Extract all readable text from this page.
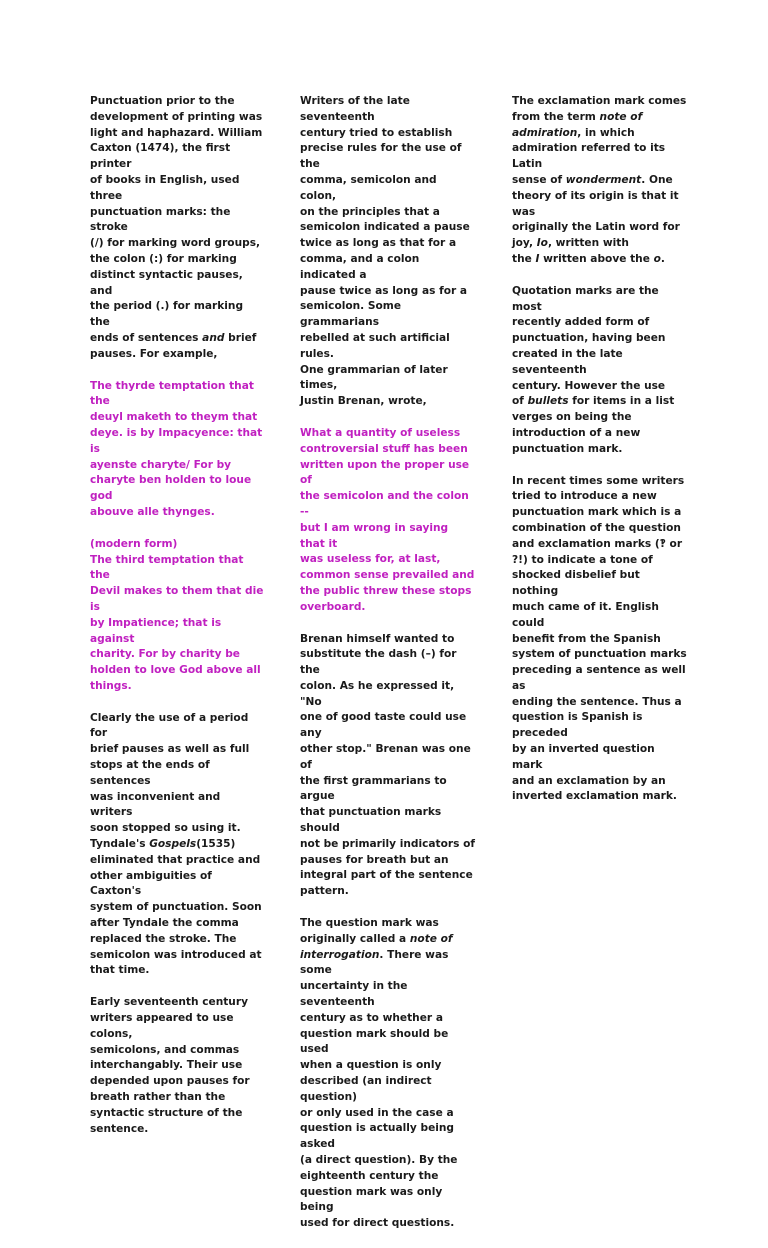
Punctuation prior to the
development of printing was
light and haphazard. William
Caxton (1474), the first printer
of books in English, used three
punctuation marks: the stroke
(/) for marking word groups,
the colon (:) for marking
distinct syntactic pauses, and
the period (.) for marking the
ends of sentences and brief
pauses. For example,

The thyrde temptation that the
deuyl maketh to theym that
deye. is by Impacyence: that is
ayenste charyte/ For by
charyte ben holden to loue god
abouve alle thynges.

(modern form)

The third temptation that the
Devil makes to them that die is
by Impatience; that is against
charity. For by charity be
holden to love God above all
things.

Clearly the use of a period for
brief pauses as well as full
stops at the ends of sentences
was inconvenient and writers
soon stopped so using it.
Tyndale's Gospels(1535)
eliminated that practice and
other ambiguities of Caxton's
system of punctuation. Soon
after Tyndale the comma
replaced the stroke. The
semicolon was introduced at
that time.

Early seventeenth century
writers appeared to use colons,
semicolons, and commas
interchangably. Their use
depended upon pauses for
breath rather than the
syntactic structure of the
sentence.

Writers of the late seventeenth
century tried to establish
precise rules for the use of the
comma, semicolon and colon,
on the principles that a
semicolon indicated a pause
twice as long as that for a
comma, and a colon indicated a
pause twice as long as for a
semicolon. Some grammarians
rebelled at such artificial rules.
One grammarian of later times,
Justin Brenan, wrote,

What a quantity of useless
controversial stuff has been
written upon the proper use of
the semicolon and the colon --
but I am wrong in saying that it
was useless for, at last,
common sense prevailed and
the public threw these stops
overboard.

Brenan himself wanted to
substitute the dash (–) for the
colon. As he expressed it, "No
one of good taste could use any
other stop." Brenan was one of
the first grammarians to argue
that punctuation marks should
not be primarily indicators of
pauses for breath but an
integral part of the sentence
pattern.

The question mark was
originally called a note of
interrogation. There was some
uncertainty in the seventeenth
century as to whether a
question mark should be used
when a question is only
described (an indirect question)
or only used in the case a
question is actually being asked
(a direct question). By the
eighteenth century the
question mark was only being
used for direct questions.

The exclamation mark comes
from the term note of
admiration, in which
admiration referred to its Latin
sense of wonderment. One
theory of its origin is that it was
originally the Latin word for
joy, Io, written with
the I written above the o.

Quotation marks are the most
recently added form of
punctuation, having been
created in the late seventeenth
century. However the use
of bullets for items in a list
verges on being the
introduction of a new
punctuation mark.

In recent times some writers
tried to introduce a new
punctuation mark which is a
combination of the question
and exclamation marks (‽ or
?!) to indicate a tone of
shocked disbelief but nothing
much came of it. English could
benefit from the Spanish
system of punctuation marks
preceding a sentence as well as
ending the sentence. Thus a
question is Spanish is preceded
by an inverted question mark
and an exclamation by an
inverted exclamation mark.
